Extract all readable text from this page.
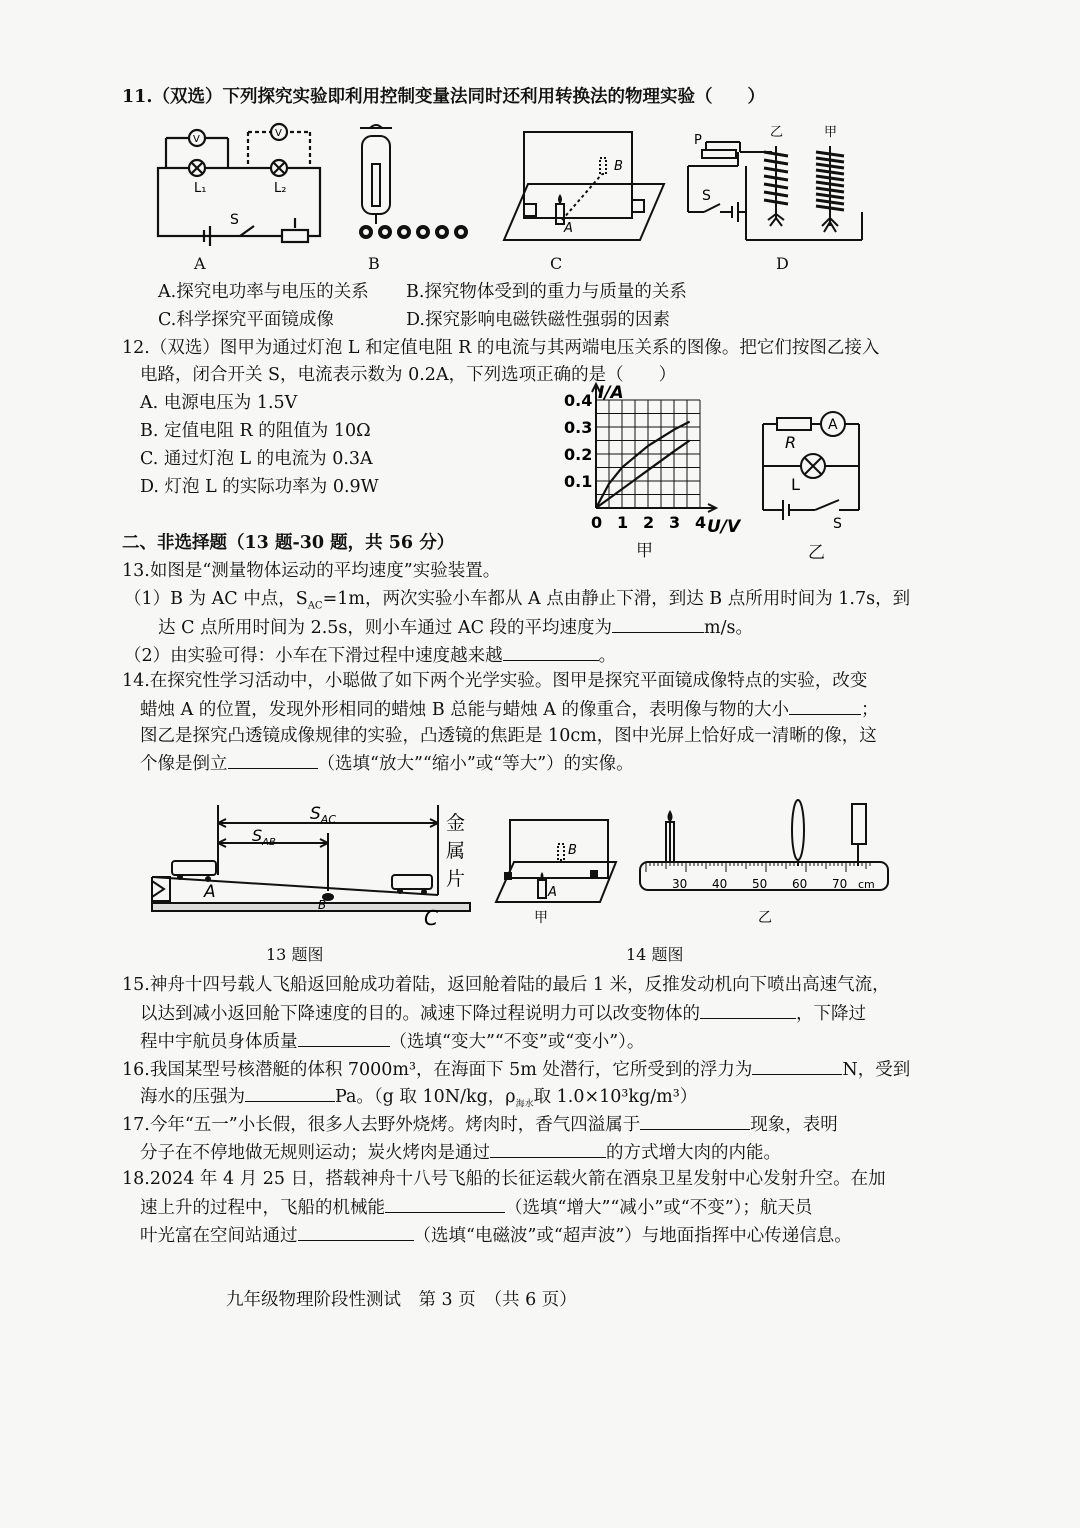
11.（双选）下列探究实验即利用控制变量法同时还利用转换法的物理实验（　　）
V
V
L₁	L₂
S
A
B
P
S
乙	甲
A	B	C	D
A.探究电功率与电压的关系 B.探究物体受到的重力与质量的关系
C.科学探究平面镜成像	D.探究影响电磁铁磁性强弱的因素
12.（双选）图甲为通过灯泡 L 和定值电阻 R 的电流与其两端电压关系的图像。把它们按图乙接入
电路，闭合开关 S，电流表示数为 0.2A，下列选项正确的是（　　）
A. 电源电压为 1.5V
B. 定值电阻 R 的阻值为 10Ω
C. 通过灯泡 L 的电流为 0.3A
D. 灯泡 L 的实际功率为 0.9W
0 1 2 3 4
0.1
0.2
0.3
0.4 I/A
U/V
甲
A
R
L
S
乙
二、非选择题（13 题-30 题，共 56 分）
13.如图是“测量物体运动的平均速度”实验装置。
（1）B 为 AC 中点，$S_{AC}=1m$，两次实验小车都从 A 点由静止下滑，到达 B 点所用时间为 1.7s，到
达 C 点所用时间为 2.5s，则小车通过 AC 段的平均速度为	m/s。
（2）由实验可得：小车在下滑过程中速度越来越	。
14.在探究性学习活动中，小聪做了如下两个光学实验。图甲是探究平面镜成像特点的实验，改变
蜡烛 A 的位置，发现外形相同的蜡烛 B 总能与蜡烛 A 的像重合，表明像与物的大小	；
图乙是探究凸透镜成像规律的实验，凸透镜的焦距是 10cm，图中光屏上恰好成一清晰的像，这
个像是倒立	（选填“放大”“缩小”或“等大”）的实像。
$S_{AC}$
$S_{AB}$
金
属
片
A
B
C
13 题图
A
B
甲
30 40 50 60 70 cm
乙
14 题图
15.神舟十四号载人飞船返回舱成功着陆，返回舱着陆的最后 1 米，反推发动机向下喷出高速气流，
以达到减小返回舱下降速度的目的。减速下降过程说明力可以改变物体的	，下降过
程中宇航员身体质量	（选填“变大”“不变”或“变小”）。
16.我国某型号核潜艇的体积 7000m³，在海面下 5m 处潜行，它所受到的浮力为	N，受到
海水的压强为	Pa。（g 取 10N/kg，$\rho_{海水}$取 1.0×10³kg/m³）
17.今年“五一”小长假，很多人去野外烧烤。烤肉时，香气四溢属于	现象，表明
分子在不停地做无规则运动；炭火烤肉是通过	的方式增大肉的内能。
18.2024 年 4 月 25 日，搭载神舟十八号飞船的长征运载火箭在酒泉卫星发射中心发射升空。在加
速上升的过程中，飞船的机械能	（选填“增大”“减小”或“不变”）；航天员
叶光富在空间站通过	（选填“电磁波”或“超声波”）与地面指挥中心传递信息。
九年级物理阶段性测试　第 3 页　（共 6 页）
